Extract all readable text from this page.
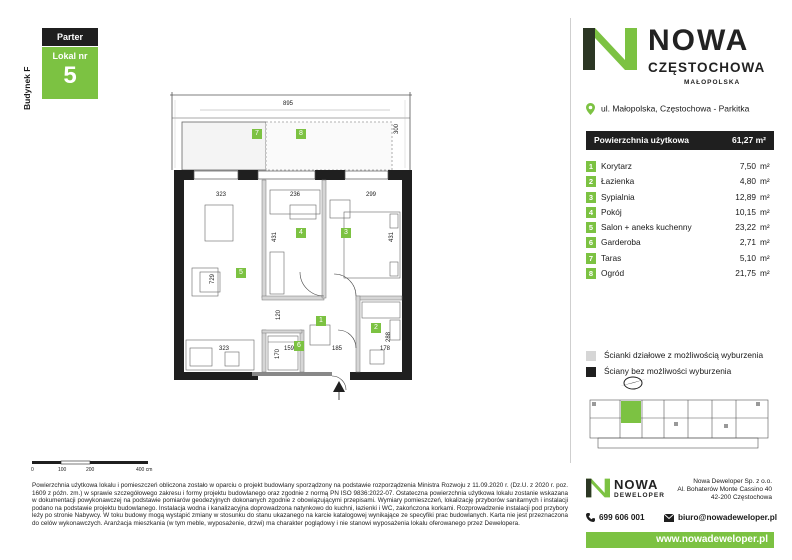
Budynek F
Parter
Lokal nr
5
895
300
323	236	299
431	431
729
120
323	159	185	178
288
170
1
2
3
4
5
6
7	8
0	100	200	400 cm
NOWA
CZĘSTOCHOWA
MAŁOPOLSKA
ul. Małopolska, Częstochowa - Parkitka
Powierzchnia użytkowa	61,27 m²
1 Korytarz	7,50 m²
2 Łazienka	4,80 m²
3 Sypialnia	12,89 m²
4 Pokój	10,15 m²
5 Salon + aneks kuchenny	23,22 m²
6 Garderoba	2,71 m²
7 Taras	5,10 m²
8 Ogród	21,75 m²
Ścianki działowe z możliwością wyburzenia
Ściany bez możliwości wyburzenia
Powierzchnia użytkowa lokalu i pomieszczeń obliczona zostało w oparciu o projekt budowlany sporządzony na podstawie rozporządzenia Ministra Rozwoju z 11.09.2020 r. (Dz.U. z 2020 r. poz. 1609 z późn. zm.) w sprawie szczegółowego zakresu i formy projektu budowlanego oraz zgodnie z normą PN ISO 9836:2022-07. Ostateczna powierzchnia użytkowa lokalu zostanie wskazana w dokumentacji powykonawczej na podstawie pomiarów geodezyjnych dokonanych zgodnie z obowiązującymi przepisami. Wymiary pomieszczeń, lokalizację przyborów sanitarnych i instalacji podano na podstawie projektu budowlanego. Instalacja wodna i kanalizacyjna doprowadzona natynkowo do kuchni, łazienki i WC, zakończona korkami. Rozprowadzenie instalacji pod przybory leży po stronie Nabywcy. W toku budowy mogą wystąpić zmiany w stosunku do stanu ukazanego na karcie katalogowej wynikające ze specyfiki prac budowlanych. Karta nie jest przeznaczona do celów wykonawczych. Aranżacja mieszkania (w tym meble, wyposażenie, drzwi) ma charakter poglądowy i nie stanowi wyposażenia lokalu oferowanego przez Dewelopera.
NOWA
DEWELOPER
Nowa Deweloper Sp. z o.o.
Al. Bohaterów Monte Cassino 40
42-200 Częstochowa
699 606 001	biuro@nowadeweloper.pl
www.nowadeweloper.pl
